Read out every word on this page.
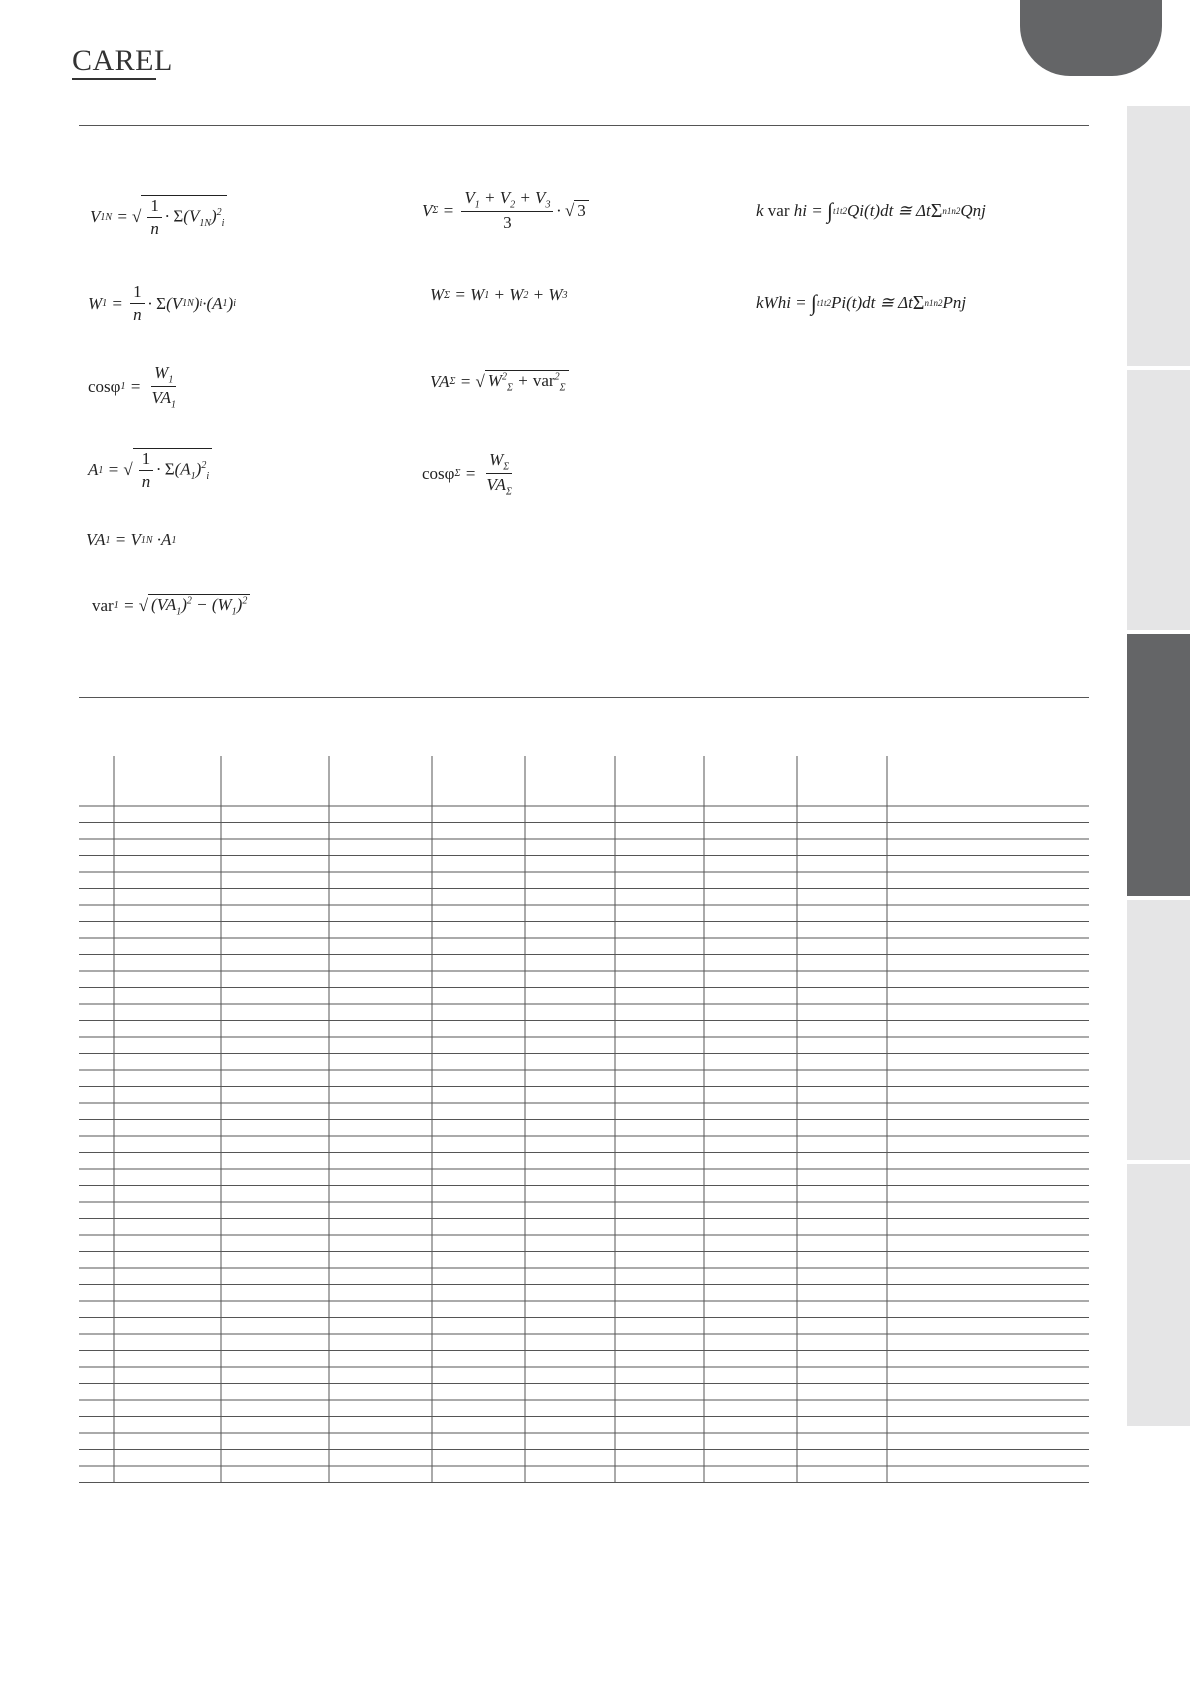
CAREL
V 1N = √ $\frac{1}{n} \cdot \Sigma(V_{1N})^2_i$
W $1 = \frac{1}{n} \cdot \Sigma$ (V 1N ) i ·(A 1 ) i
cosφ $1 = \frac{W_1}{VA_1}$
A 1 = √ $\frac{1}{n} \cdot \Sigma(A_1)^2_i$
VA 1 = V 1N ·A 1
var 1 = √ $(VA_1)^2 - (W_1)^2$
V $\Sigma = \frac{V_1 + V_2 + V_3}{3}$ · √ 3
W Σ = W 1 + W 2 + W 3
VA Σ = √ $W^2_\Sigma + var^2_\Sigma$
cosφ $\Sigma = \frac{W_\Sigma}{VA_\Sigma}$
k var hi = ∫ t1 t2 Qi(t)dt ≅ Δt Σ n1 n2 Qnj
kWhi = ∫ t1 t2 Pi(t)dt ≅ Δt Σ n1 n2 Pnj
